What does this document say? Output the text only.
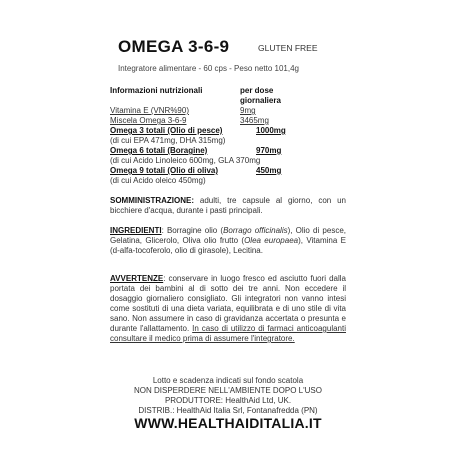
OMEGA 3-6-9	GLUTEN FREE
Integratore alimentare - 60 cps - Peso netto 101,4g
Informazioni nutrizionali	per dose
giornaliera
Vitamina E (VNR%90)	9mg
Miscela Omega 3-6-9	3465mg
Omega 3 totali (Olio di pesce)	1000mg
(di cui EPA 471mg, DHA 315mg)
Omega 6 totali (Boragine)	970mg
(di cui Acido Linoleico 600mg, GLA 370mg
Omega 9 totali (Olio di oliva)	450mg
(di cui Acido oleico 450mg)
SOMMINISTRAZIONE: adulti, tre capsule al giorno, con un bicchiere d'acqua, durante i pasti principali.
INGREDIENTI: Borragine olio (Borrago officinalis), Olio di pesce, Gelatina, Glicerolo, Oliva olio frutto (Olea europaea), Vitamina E (d-alfa-tocoferolo, olio di girasole), Lecitina.
AVVERTENZE: conservare in luogo fresco ed asciutto fuori dalla portata dei bambini al di sotto dei tre anni. Non eccedere il dosaggio giornaliero consigliato. Gli integratori non vanno intesi come sostituti di una dieta variata, equilibrata e di uno stile di vita sano. Non assumere in caso di gravidanza accertata o presunta e durante l'allattamento. In caso di utilizzo di farmaci anticoagulanti consultare il medico prima di assumere l'integratore.
Lotto e scadenza indicati sul fondo scatola
NON DISPERDERE NELL'AMBIENTE DOPO L'USO
PRODUTTORE: HealthAid Ltd, UK.
DISTRIB.: HealthAid Italia Srl, Fontanafredda (PN)
WWW.HEALTHAIDITALIA.IT
